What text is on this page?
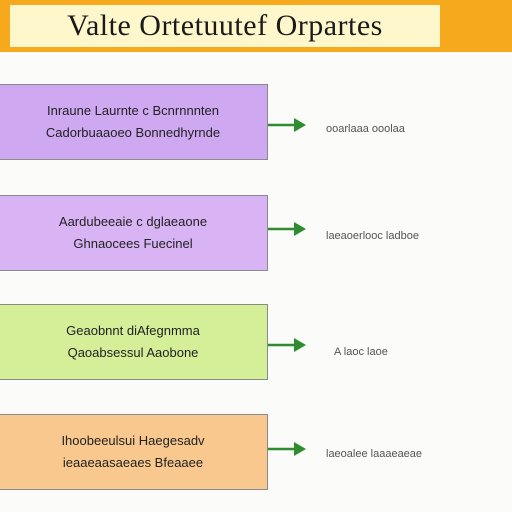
Valte Ortetuutef Orpartes
Inraune Laurnte c Bcnrnnnten
Cadorbuaaoeo Bonnedhyrnde	ooarlaaa ooolaa
Aardubeeaie c dglaeaone
Ghnaocees Fuecinel	laeaoerlooc ladboe
Geaobnnt diAfegnmma
Qaoabsessul Aaobone	A laoc laoe
Ihoobeeulsui Haegesadv
ieaaeaasaeaes Bfeaaee
laeoalee laaaeaeae
